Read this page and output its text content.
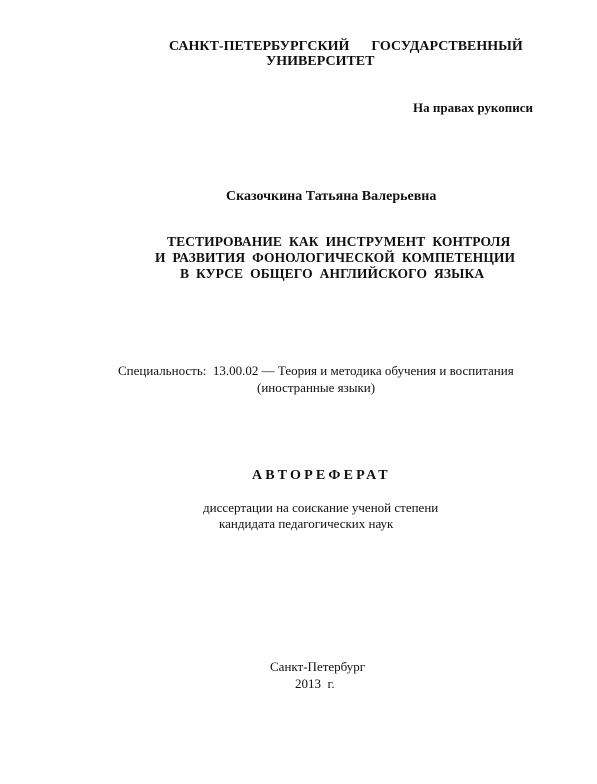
САНКТ-ПЕТЕРБУРГСКИЙ ГОСУДАРСТВЕННЫЙ
УНИВЕРСИТЕТ
На правах рукописи
Сказочкина Татьяна Валерьевна
ТЕСТИРОВАНИЕ  КАК  ИНСТРУМЕНТ  КОНТРОЛЯ
И  РАЗВИТИЯ  ФОНОЛОГИЧЕСКОЙ  КОМПЕТЕНЦИИ
В  КУРСЕ  ОБЩЕГО  АНГЛИЙСКОГО  ЯЗЫКА
Специальность:  13.00.02 — Теория и методика обучения и воспитания
(иностранные языки)
АВТОРЕФЕРАТ
диссертации на соискание ученой степени
кандидата педагогических наук
Санкт-Петербург
2013  г.
